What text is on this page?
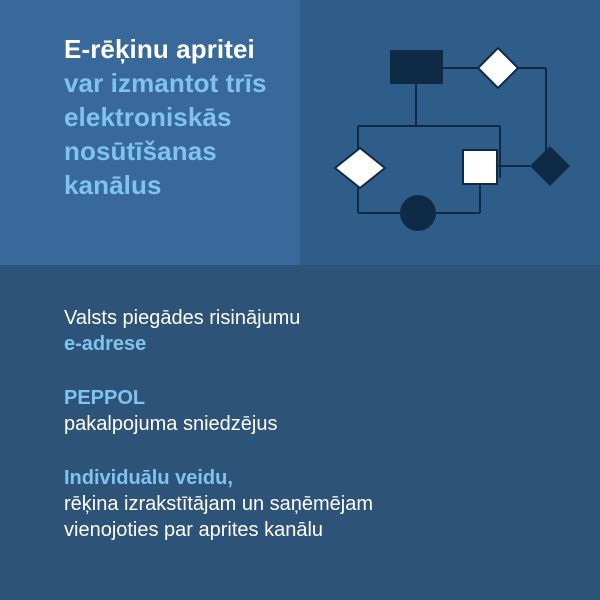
E-rēķinu apritei var izmantot trīs elektroniskās nosūtīšanas kanālus

Valsts piegādes risinājumu
e-adrese

PEPPOL
pakalpojuma sniedzējus

Individuālu veidu,
rēķina izrakstītājam un saņēmējam
vienojoties par aprites kanālu
